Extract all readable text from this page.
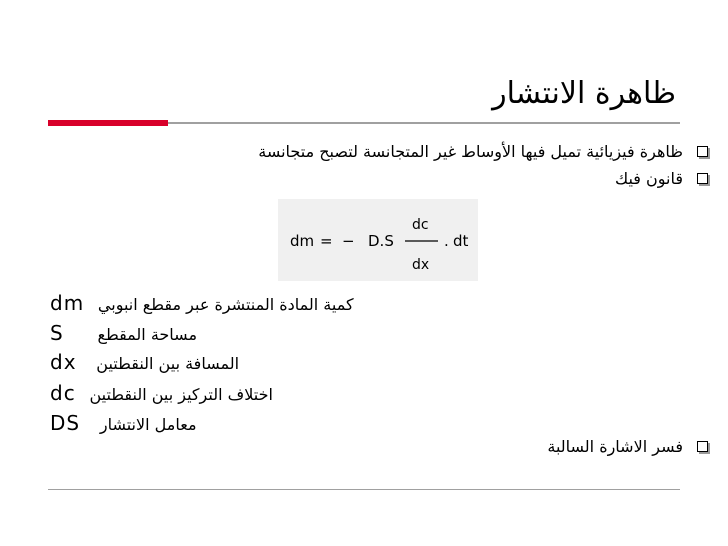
ظاهرة الانتشار
ظاهرة فيزيائية تميل فيها الأوساط غير المتجانسة لتصبح متجانسة
قانون فيك
dm = − D.S
dc
dx
. dt
dm كمية المادة المنتشرة عبر مقطع انبوبي
S مساحة المقطع
dx المسافة بين النقطتين
dc اختلاف التركيز بين النقطتين
DS معامل الانتشار
فسر الاشارة السالبة
